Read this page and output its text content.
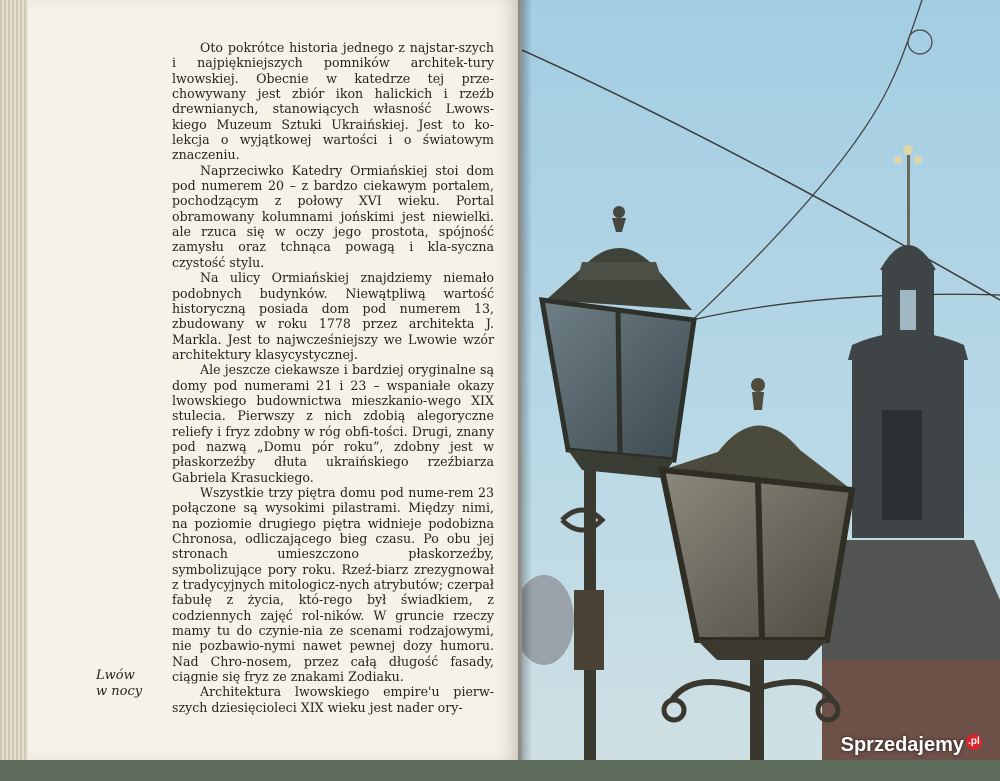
Oto pokrótce historia jednego z najstar-szych i najpiękniejszych pomników architek-tury lwowskiej. Obecnie w katedrze tej prze-chowywany jest zbiór ikon halickich i rzeźb drewnianych, stanowiących własność Lwows-kiego Muzeum Sztuki Ukraińskiej. Jest to ko-lekcja o wyjątkowej wartości i o światowym znaczeniu.

Naprzeciwko Katedry Ormiańskiej stoi dom pod numerem 20 – z bardzo ciekawym portalem, pochodzącym z połowy XVI wieku. Portal obramowany kolumnami jońskimi jest niewielki. ale rzuca się w oczy jego prostota, spójność zamysłu oraz tchnąca powagą i kla-syczna czystość stylu.

Na ulicy Ormiańskiej znajdziemy niemało podobnych budynków. Niewątpliwą wartość historyczną posiada dom pod numerem 13, zbudowany w roku 1778 przez architekta J. Markla. Jest to najwcześniejszy we Lwowie wzór architektury klasycystycznej.

Ale jeszcze ciekawsze i bardziej oryginalne są domy pod numerami 21 i 23 – wspaniałe okazy lwowskiego budownictwa mieszkanio-wego XIX stulecia. Pierwszy z nich zdobią alegoryczne reliefy i fryz zdobny w róg obfi-tości. Drugi, znany pod nazwą „Domu pór roku”, zdobny jest w płaskorzeźby dłuta ukraińskiego rzeźbiarza Gabriela Krasuckiego.

Wszystkie trzy piętra domu pod nume-rem 23 połączone są wysokimi pilastrami. Między nimi, na poziomie drugiego piętra widnieje podobizna Chronosa, odliczającego bieg czasu. Po obu jej stronach umieszczono płaskorzeźby, symbolizujące pory roku. Rzeź-biarz zrezygnował z tradycyjnych mitologicz-nych atrybutów; czerpał fabułę z życia, któ-rego był świadkiem, z codziennych zajęć rol-ników. W gruncie rzeczy mamy tu do czynie-nia ze scenami rodzajowymi, nie pozbawio-nymi nawet pewnej dozy humoru. Nad Chro-nosem, przez całą długość fasady, ciągnie się fryz ze znakami Zodiaku.

Architektura lwowskiego empire'u pierw-szych dziesięcioleci XIX wieku jest nader ory-

Lwów
w nocy
Sprzedajemy .pl
